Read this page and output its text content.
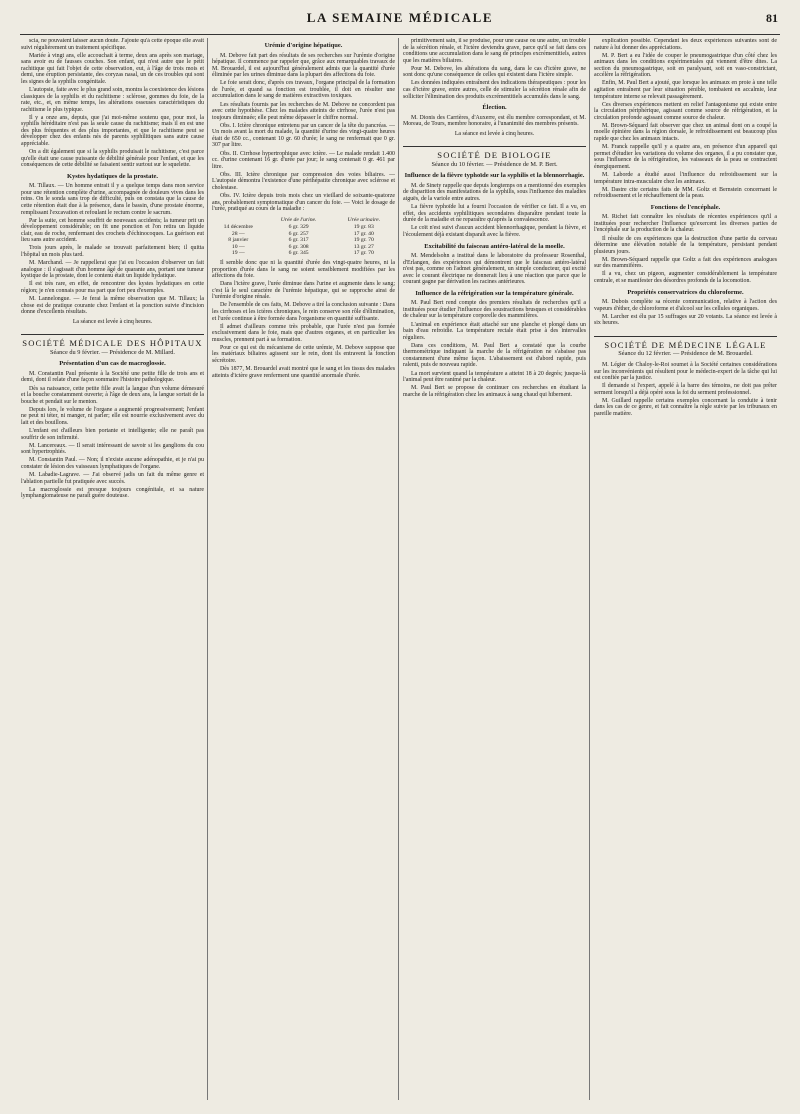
LA SEMAINE MÉDICALE	81

scia, ne pouvaient laisser aucun doute. J'ajoute qu'à cette époque elle avait suivi régulièrement un traitement spécifique.

Mariée à vingt ans, elle accouchait à terme, deux ans après son mariage, sans avoir eu de fausses couches. Son enfant, qui n'est autre que le petit rachitique qui fait l'objet de cette observation, eut, à l'âge de trois mois et demi, une éruption persistante, des coryzas nasal, un de ces troubles qui sont les signes de la syphilis congénitale.

L'autopsie, faite avec le plus grand soin, montra la coexistence des lésions classiques de la syphilis et du rachitisme : sclérose, gommes du foie, de la rate, etc., et, en même temps, les altérations osseuses caractéristiques du rachitisme le plus typique.

Il y a onze ans, depuis, que j'ai moi-même soutenu que, pour moi, la syphilis héréditaire n'est pas la seule cause du rachitisme; mais il en est une des plus fréquentes et des plus importantes, et que le rachitisme peut se développer chez des enfants nés de parents syphilitiques sans autre cause appréciable.

On a dit également que si la syphilis produisait le rachitisme, c'est parce qu'elle était une cause puissante de débilité générale pour l'enfant, et que les conséquences de cette débilité se faisaient sentir surtout sur le squelette.

Kystes hydatiques de la prostate.

M. Tillaux. — Un homme entrait il y a quelque temps dans mon service pour une rétention complète d'urine, accompagnée de douleurs vives dans les reins. On le sonda sans trop de difficulté, puis on constata que la cause de cette rétention était due à la présence, dans le bassin, d'une prostate énorme, remplissant l'excavation et refoulant le rectum contre le sacrum.

Par la suite, cet homme souffrit de nouveaux accidents; la tumeur prit un développement considérable; on fit une ponction et l'on retira un liquide clair, eau de roche, renfermant des crochets d'échinocoques. La guérison eut lieu sans autre accident.

Trois jours après, le malade se trouvait parfaitement bien; il quitta l'hôpital un mois plus tard.

M. Marchand. — Je rappellerai que j'ai eu l'occasion d'observer un fait analogue : il s'agissait d'un homme âgé de quarante ans, portant une tumeur kystique de la prostate, dont le contenu était un liquide hydatique.

Il est très rare, en effet, de rencontrer des kystes hydatiques en cette région; je n'en connais pour ma part que fort peu d'exemples.

M. Lannelongue. — Je ferai la même observation que M. Tillaux; la chose est de pratique courante chez l'enfant et la ponction suivie d'incision donne d'excellents résultats.

La séance est levée à cinq heures.

SOCIÉTÉ MÉDICALE DES HÔPITAUX

Séance du 9 février. — Présidence de M. Millard.

Présentation d'un cas de macroglossie.

M. Constantin Paul présente à la Société une petite fille de trois ans et demi, dont il relate d'une façon sommaire l'histoire pathologique.

Dès sa naissance, cette petite fille avait la langue d'un volume démesuré et la bouche constamment ouverte; à l'âge de deux ans, la langue sortait de la bouche et pendait sur le menton.

Depuis lors, le volume de l'organe a augmenté progressivement; l'enfant ne peut ni téter, ni manger, ni parler; elle est nourrie exclusivement avec du lait et des bouillons.

L'enfant est d'ailleurs bien portante et intelligente; elle ne paraît pas souffrir de son infirmité.

M. Lancereaux. — Il serait intéressant de savoir si les ganglions du cou sont hypertrophiés.

M. Constantin Paul. — Non; il n'existe aucune adénopathie, et je n'ai pu constater de lésion des vaisseaux lymphatiques de l'organe.

M. Labadie-Lagrave. — J'ai observé jadis un fait du même genre et l'ablation partielle fut pratiquée avec succès.

La macroglossie est presque toujours congénitale, et sa nature lymphangiomateuse ne paraît guère douteuse.

Urémie d'origine hépatique.

M. Debove fait part des résultats de ses recherches sur l'urémie d'origine hépatique. Il commence par rappeler que, grâce aux remarquables travaux de M. Brouardel, il est aujourd'hui généralement admis que la quantité d'urée éliminée par les urines diminue dans la plupart des affections du foie.

Le foie serait donc, d'après ces travaux, l'organe principal de la formation de l'urée, et quand sa fonction est troublée, il doit en résulter une accumulation dans le sang de matières extractives toxiques.

Les résultats fournis par les recherches de M. Debove ne concordent pas avec cette hypothèse. Chez les malades atteints de cirrhose, l'urée n'est pas toujours diminuée; elle peut même dépasser le chiffre normal.

Obs. I. Ictère chronique entretenu par un cancer de la tête du pancréas. — Un mois avant la mort du malade, la quantité d'urine des vingt-quatre heures était de 650 cc., contenant 10 gr. 60 d'urée; le sang ne renfermait que 0 gr. 307 par litre.

Obs. II. Cirrhose hypertrophique avec ictère. — Le malade rendait 1.400 cc. d'urine contenant 16 gr. d'urée par jour; le sang contenait 0 gr. 461 par litre.

Obs. III. Ictère chronique par compression des voies biliaires. — L'autopsie démontra l'existence d'une périhépatite chronique avec sclérose et cholestase.

Obs. IV. Ictère depuis trois mois chez un vieillard de soixante-quatorze ans, probablement symptomatique d'un cancer du foie. — Voici le dosage de l'urée, pratiqué au cours de la maladie :

	Urée de l'urine.	Urée urinaire.
14 décembre	6 gr. 329	19 gr. 83
28 —	6 gr. 257	17 gr. 40
8 janvier	6 gr. 317	19 gr. 70
10 —	6 gr. 308	13 gr. 27
19 —	6 gr. 345	17 gr. 70

Il semble donc que ni la quantité d'urée des vingt-quatre heures, ni la proportion d'urée dans le sang ne soient sensiblement modifiées par les affections du foie.

Dans l'ictère grave, l'urée diminue dans l'urine et augmente dans le sang; c'est là le seul caractère de l'urémie hépatique, qui se rapproche ainsi de l'urémie d'origine rénale.

De l'ensemble de ces faits, M. Debove a tiré la conclusion suivante : Dans les cirrhoses et les ictères chroniques, le rein conserve son rôle d'élimination, et l'urée continue à être formée dans l'organisme en quantité suffisante.

Il admet d'ailleurs comme très probable, que l'urée n'est pas formée exclusivement dans le foie, mais que d'autres organes, et en particulier les muscles, prennent part à sa formation.

Pour ce qui est du mécanisme de cette urémie, M. Debove suppose que les matériaux biliaires agissent sur le rein, dont ils entravent la fonction sécrétoire.

Dès 1877, M. Brouardel avait montré que le sang et les tissus des malades atteints d'ictère grave renferment une quantité anormale d'urée.

primitivement sain, il se produise, pour une cause ou une autre, un trouble de la sécrétion rénale, et l'ictère deviendra grave, parce qu'il se fait dans ces conditions une accumulation dans le sang de principes excrémentitiels, autres que les matières biliaires.

Pour M. Debove, les altérations du sang, dans le cas d'ictère grave, ne sont donc qu'une conséquence de celles qui existent dans l'ictère simple.

Les données indiquées entraînent des indications thérapeutiques : pour les cas d'ictère grave, entre autres, celle de stimuler la sécrétion rénale afin de solliciter l'élimination des produits excrémentitiels accumulés dans le sang.

Élection.

M. Dionis des Carrières, d'Auxerre, est élu membre correspondant, et M. Moreau, de Tours, membre honoraire, à l'unanimité des membres présents.

La séance est levée à cinq heures.

SOCIÉTÉ DE BIOLOGIE

Séance du 10 février. — Présidence de M. P. Bert.

Influence de la fièvre typhoïde sur la syphilis et la blennorrhagie.

M. de Sinety rappelle que depuis longtemps on a mentionné des exemples de disparition des manifestations de la syphilis, sous l'influence des maladies aiguës, de la variole entre autres.

La fièvre typhoïde lui a fourni l'occasion de vérifier ce fait. Il a vu, en effet, des accidents syphilitiques secondaires disparaître pendant toute la durée de la maladie et ne reparaître qu'après la convalescence.

Le coït n'est suivi d'aucun accident blennorrhagique, pendant la fièvre, et l'écoulement déjà existant disparaît avec la fièvre.

Excitabilité du faisceau antéro-latéral de la moelle.

M. Mendelsohn a institué dans le laboratoire du professeur Rosenthal, d'Erlangen, des expériences qui démontrent que le faisceau antéro-latéral n'est pas, comme on l'admet généralement, un simple conducteur, qui excité avec le courant électrique ne donnerait lieu à une réaction que parce que le courant gagne par dérivation les racines antérieures.

Influence de la réfrigération sur la température générale.

M. Paul Bert rend compte des premiers résultats de recherches qu'il a instituées pour étudier l'influence des soustractions brusques et considérables de chaleur sur la température corporelle des mammifères.

L'animal en expérience était attaché sur une planche et plongé dans un bain d'eau refroidie. La température rectale était prise à des intervalles réguliers.

Dans ces conditions, M. Paul Bert a constaté que la courbe thermométrique indiquant la marche de la réfrigération ne s'abaisse pas constamment d'une même façon. L'abaissement est d'abord rapide, puis ralenti, puis de nouveau rapide.

La mort survient quand la température a atteint 18 à 20 degrés; jusque-là l'animal peut être ranimé par la chaleur.

M. Paul Bert se propose de continuer ces recherches en étudiant la marche de la réfrigération chez les animaux à sang chaud qui hibernent.

explication possible. Cependant les deux expériences suivantes sont de nature à lui donner des appréciations.

M. P. Bert a eu l'idée de couper le pneumogastrique d'un côté chez les animaux dans les conditions expérimentales qui viennent d'être dites. La section du pneumogastrique, soit en paralysant, soit en vaso-constrictant, accélère la réfrigération.

Enfin, M. Paul Bert a ajouté, que lorsque les animaux en proie à une telle agitation entraînent par leur situation pénible, tombaient en accalmie, leur température interne se relevait passagèrement.

Ces diverses expériences mettent en relief l'antagonisme qui existe entre la circulation périphérique, agissant comme source de réfrigération, et la circulation profonde agissant comme source de chaleur.

M. Brown-Séquard fait observer que chez un animal dont on a coupé la moelle épinière dans la région dorsale, le refroidissement est beaucoup plus rapide que chez les animaux intacts.

M. Franck rappelle qu'il y a quatre ans, en présence d'un appareil qui permet d'étudier les variations du volume des organes, il a pu constater que, sous l'influence de la réfrigération, les vaisseaux de la peau se contractent énergiquement.

M. Laborde a étudié aussi l'influence du refroidissement sur la température intra-musculaire chez les animaux.

M. Dastre cite certains faits de MM. Goltz et Bernstein concernant le refroidissement et le réchauffement de la peau.

Fonctions de l'encéphale.

M. Richet fait connaître les résultats de récentes expériences qu'il a instituées pour rechercher l'influence qu'exercent les diverses parties de l'encéphale sur la production de la chaleur.

Il résulte de ces expériences que la destruction d'une partie du cerveau détermine une élévation notable de la température, persistant pendant plusieurs jours.

M. Brown-Séquard rappelle que Goltz a fait des expériences analogues sur des mammifères.

Il a vu, chez un pigeon, augmenter considérablement la température centrale, et se manifester des désordres profonds de la locomotion.

Propriétés conservatrices du chloroforme.

M. Dubois complète sa récente communication, relative à l'action des vapeurs d'éther, de chloroforme et d'alcool sur les cellules organiques.

M. Larcher est élu par 15 suffrages sur 20 votants. La séance est levée à six heures.

SOCIÉTÉ DE MÉDECINE LÉGALE

Séance du 12 février. — Présidence de M. Brouardel.

M. Légier de Chaloy-le-Roi soumet à la Société certaines considérations sur les inconvénients qui résultent pour le médecin-expert de la tâche qui lui est confiée par la justice.

Il demande si l'expert, appelé à la barre des témoins, ne doit pas prêter serment lorsqu'il a déjà opéré sous la foi du serment professionnel.

M. Guillard rappelle certains exemples concernant la conduite à tenir dans les cas de ce genre, et fait connaître la règle suivie par les tribunaux en pareille matière.
